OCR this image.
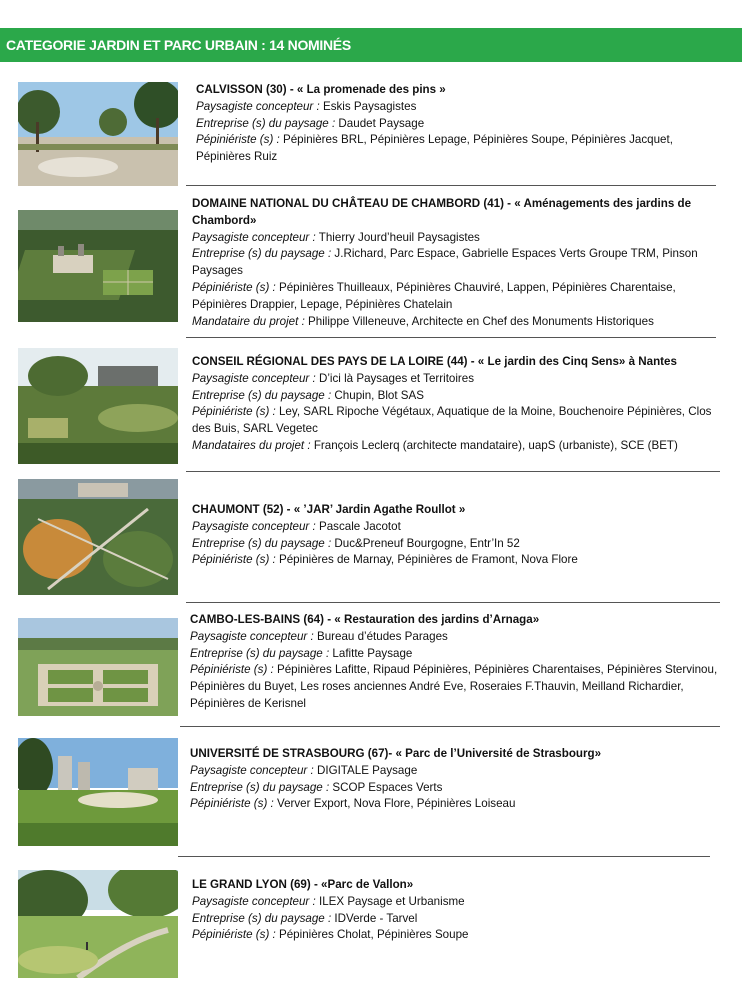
CATEGORIE JARDIN ET PARC URBAIN : 14 NOMINÉS

CALVISSON (30) - « La promenade des pins »

Paysagiste concepteur : Eskis Paysagistes

Entreprise (s) du paysage : Daudet Paysage

Pépiniériste (s) : Pépinières BRL, Pépinières Lepage, Pépinières Soupe, Pépinières Jacquet, Pépinières Ruiz

DOMAINE NATIONAL DU CHÂTEAU DE CHAMBORD (41) - « Aménagements des jardins de Chambord»

Paysagiste concepteur : Thierry Jourd’heuil Paysagistes

Entreprise (s) du paysage : J.Richard, Parc Espace, Gabrielle Espaces Verts Groupe TRM, Pinson Paysages

Pépiniériste (s) : Pépinières Thuilleaux, Pépinières Chauviré, Lappen, Pépinières Charentaise, Pépinières Drappier, Lepage, Pépinières Chatelain

Mandataire du projet : Philippe Villeneuve, Architecte en Chef des Monuments Historiques

CONSEIL RÉGIONAL DES PAYS DE LA LOIRE (44) - « Le jardin des Cinq Sens» à Nantes

Paysagiste concepteur : D’ici là Paysages et Territoires

Entreprise (s) du paysage : Chupin, Blot SAS

Pépiniériste (s) : Ley, SARL Ripoche Végétaux, Aquatique de la Moine, Bouchenoire Pépinières, Clos des Buis, SARL Vegetec

Mandataires du projet : François Leclerq (architecte mandataire), uapS (urbaniste), SCE (BET)

CHAUMONT (52) - « ’JAR’ Jardin Agathe Roullot »

Paysagiste concepteur : Pascale Jacotot

Entreprise (s) du paysage : Duc&Preneuf Bourgogne, Entr’In 52

Pépiniériste (s) : Pépinières de Marnay, Pépinières de Framont, Nova Flore

CAMBO-LES-BAINS (64) - « Restauration des jardins d’Arnaga»

Paysagiste concepteur : Bureau d’études Parages

Entreprise (s) du paysage : Lafitte Paysage

Pépiniériste (s) : Pépinières Lafitte, Ripaud Pépinières, Pépinières Charentaises, Pépinières Stervinou, Pépinières du Buyet, Les roses anciennes André Eve, Roseraies F.Thauvin, Meilland Richardier, Pépinières de Kerisnel

UNIVERSITÉ DE STRASBOURG (67)- « Parc de l’Université de Strasbourg»

Paysagiste concepteur : DIGITALE Paysage

Entreprise (s) du paysage : SCOP Espaces Verts

Pépiniériste (s) : Verver Export, Nova Flore, Pépinières Loiseau

LE GRAND LYON (69) - «Parc de Vallon»

Paysagiste concepteur : ILEX Paysage et Urbanisme

Entreprise (s) du paysage : IDVerde - Tarvel

Pépiniériste (s) : Pépinières Cholat, Pépinières Soupe
